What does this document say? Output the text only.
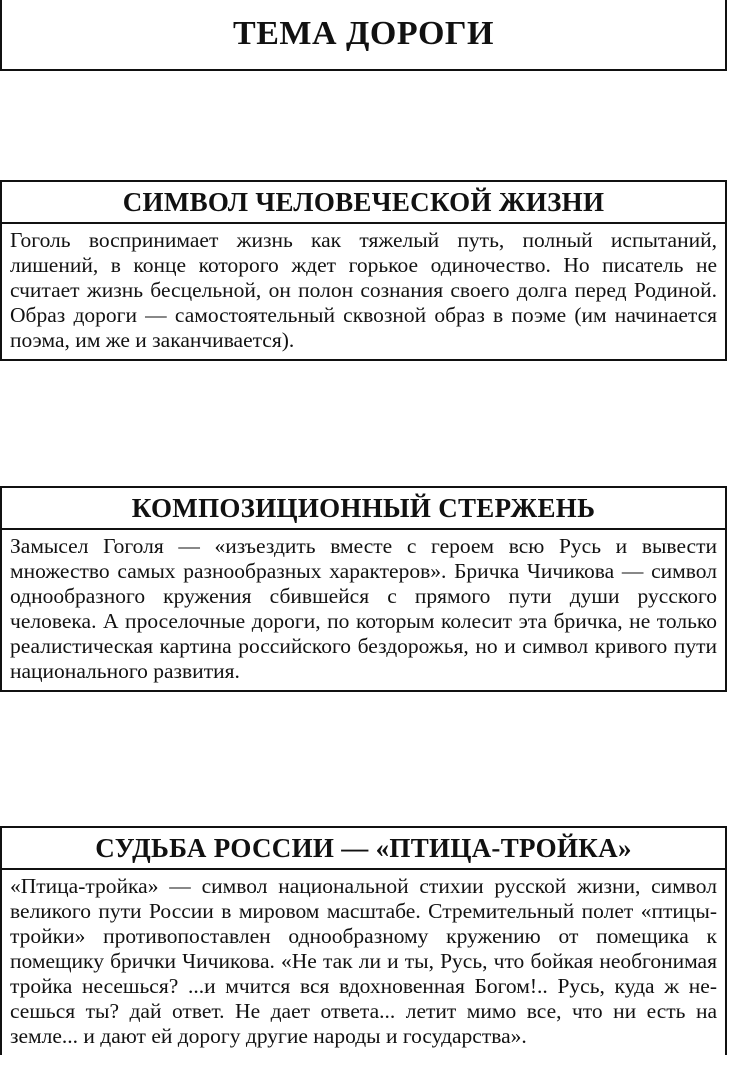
ТЕМА ДОРОГИ
СИМВОЛ ЧЕЛОВЕЧЕСКОЙ ЖИЗНИ

Гоголь воспринимает жизнь как тяжелый путь, полный испытаний, лишений, в конце которого ждет горькое одиночество. Но писатель не считает жизнь бесцельной, он полон сознания своего долга перед Родиной. Образ дороги — самостоятельный сквозной образ в поэме (им начинается поэма, им же и заканчивается).

КОМПОЗИЦИОННЫЙ СТЕРЖЕНЬ

Замысел Гоголя — «изъездить вместе с героем всю Русь и вывести множество самых разнообразных характеров». Бричка Чичикова — символ однообразного кружения сбившейся с прямого пути души русского человека. А проселочные дороги, по которым колесит эта бричка, не только реалистическая картина российского бездорожья, но и символ кривого пути национального развития.

СУДЬБА РОССИИ — «ПТИЦА-ТРОЙКА»

«Птица-тройка» — символ национальной стихии русской жизни, символ великого пути России в мировом масштабе. Стремительный полет «птицы-тройки» противопоставлен однообразному кружению от помещика к помещику брички Чичикова. «Не так ли и ты, Русь, что бойкая необгонимая тройка несешься? ...и мчится вся вдохновенная Богом!.. Русь, куда ж несешься ты? дай ответ. Не дает ответа... летит мимо все, что ни есть на земле... и дают ей дорогу другие народы и государства».
